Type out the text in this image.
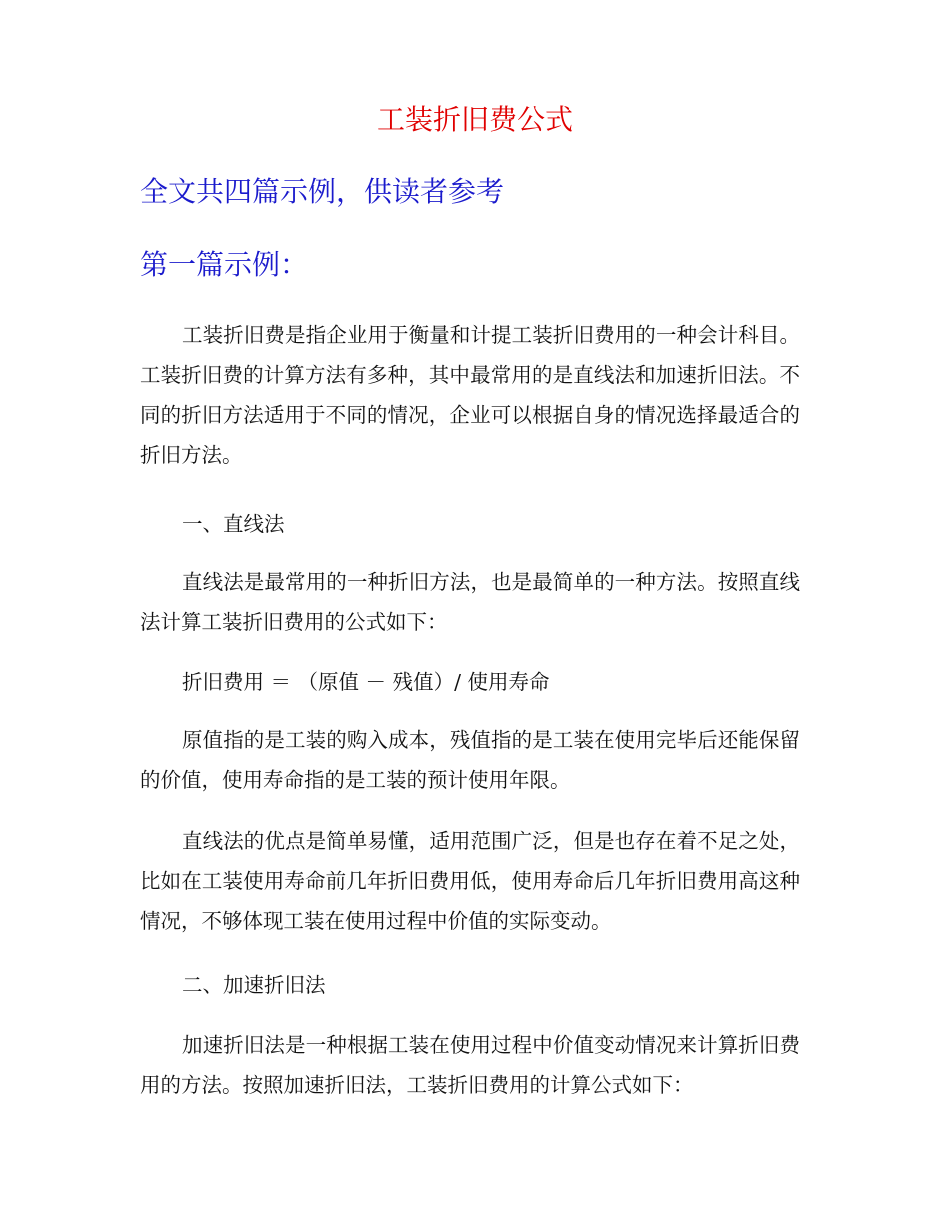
工装折旧费公式
全文共四篇示例，供读者参考
第一篇示例：
工装折旧费是指企业用于衡量和计提工装折旧费用的一种会计科目。工装折旧费的计算方法有多种，其中最常用的是直线法和加速折旧法。不同的折旧方法适用于不同的情况，企业可以根据自身的情况选择最适合的折旧方法。
一、直线法
直线法是最常用的一种折旧方法，也是最简单的一种方法。按照直线法计算工装折旧费用的公式如下：
折旧费用 ＝ （原值 － 残值）/ 使用寿命
原值指的是工装的购入成本，残值指的是工装在使用完毕后还能保留的价值，使用寿命指的是工装的预计使用年限。
直线法的优点是简单易懂，适用范围广泛，但是也存在着不足之处，比如在工装使用寿命前几年折旧费用低，使用寿命后几年折旧费用高这种情况，不够体现工装在使用过程中价值的实际变动。
二、加速折旧法
加速折旧法是一种根据工装在使用过程中价值变动情况来计算折旧费用的方法。按照加速折旧法，工装折旧费用的计算公式如下：
